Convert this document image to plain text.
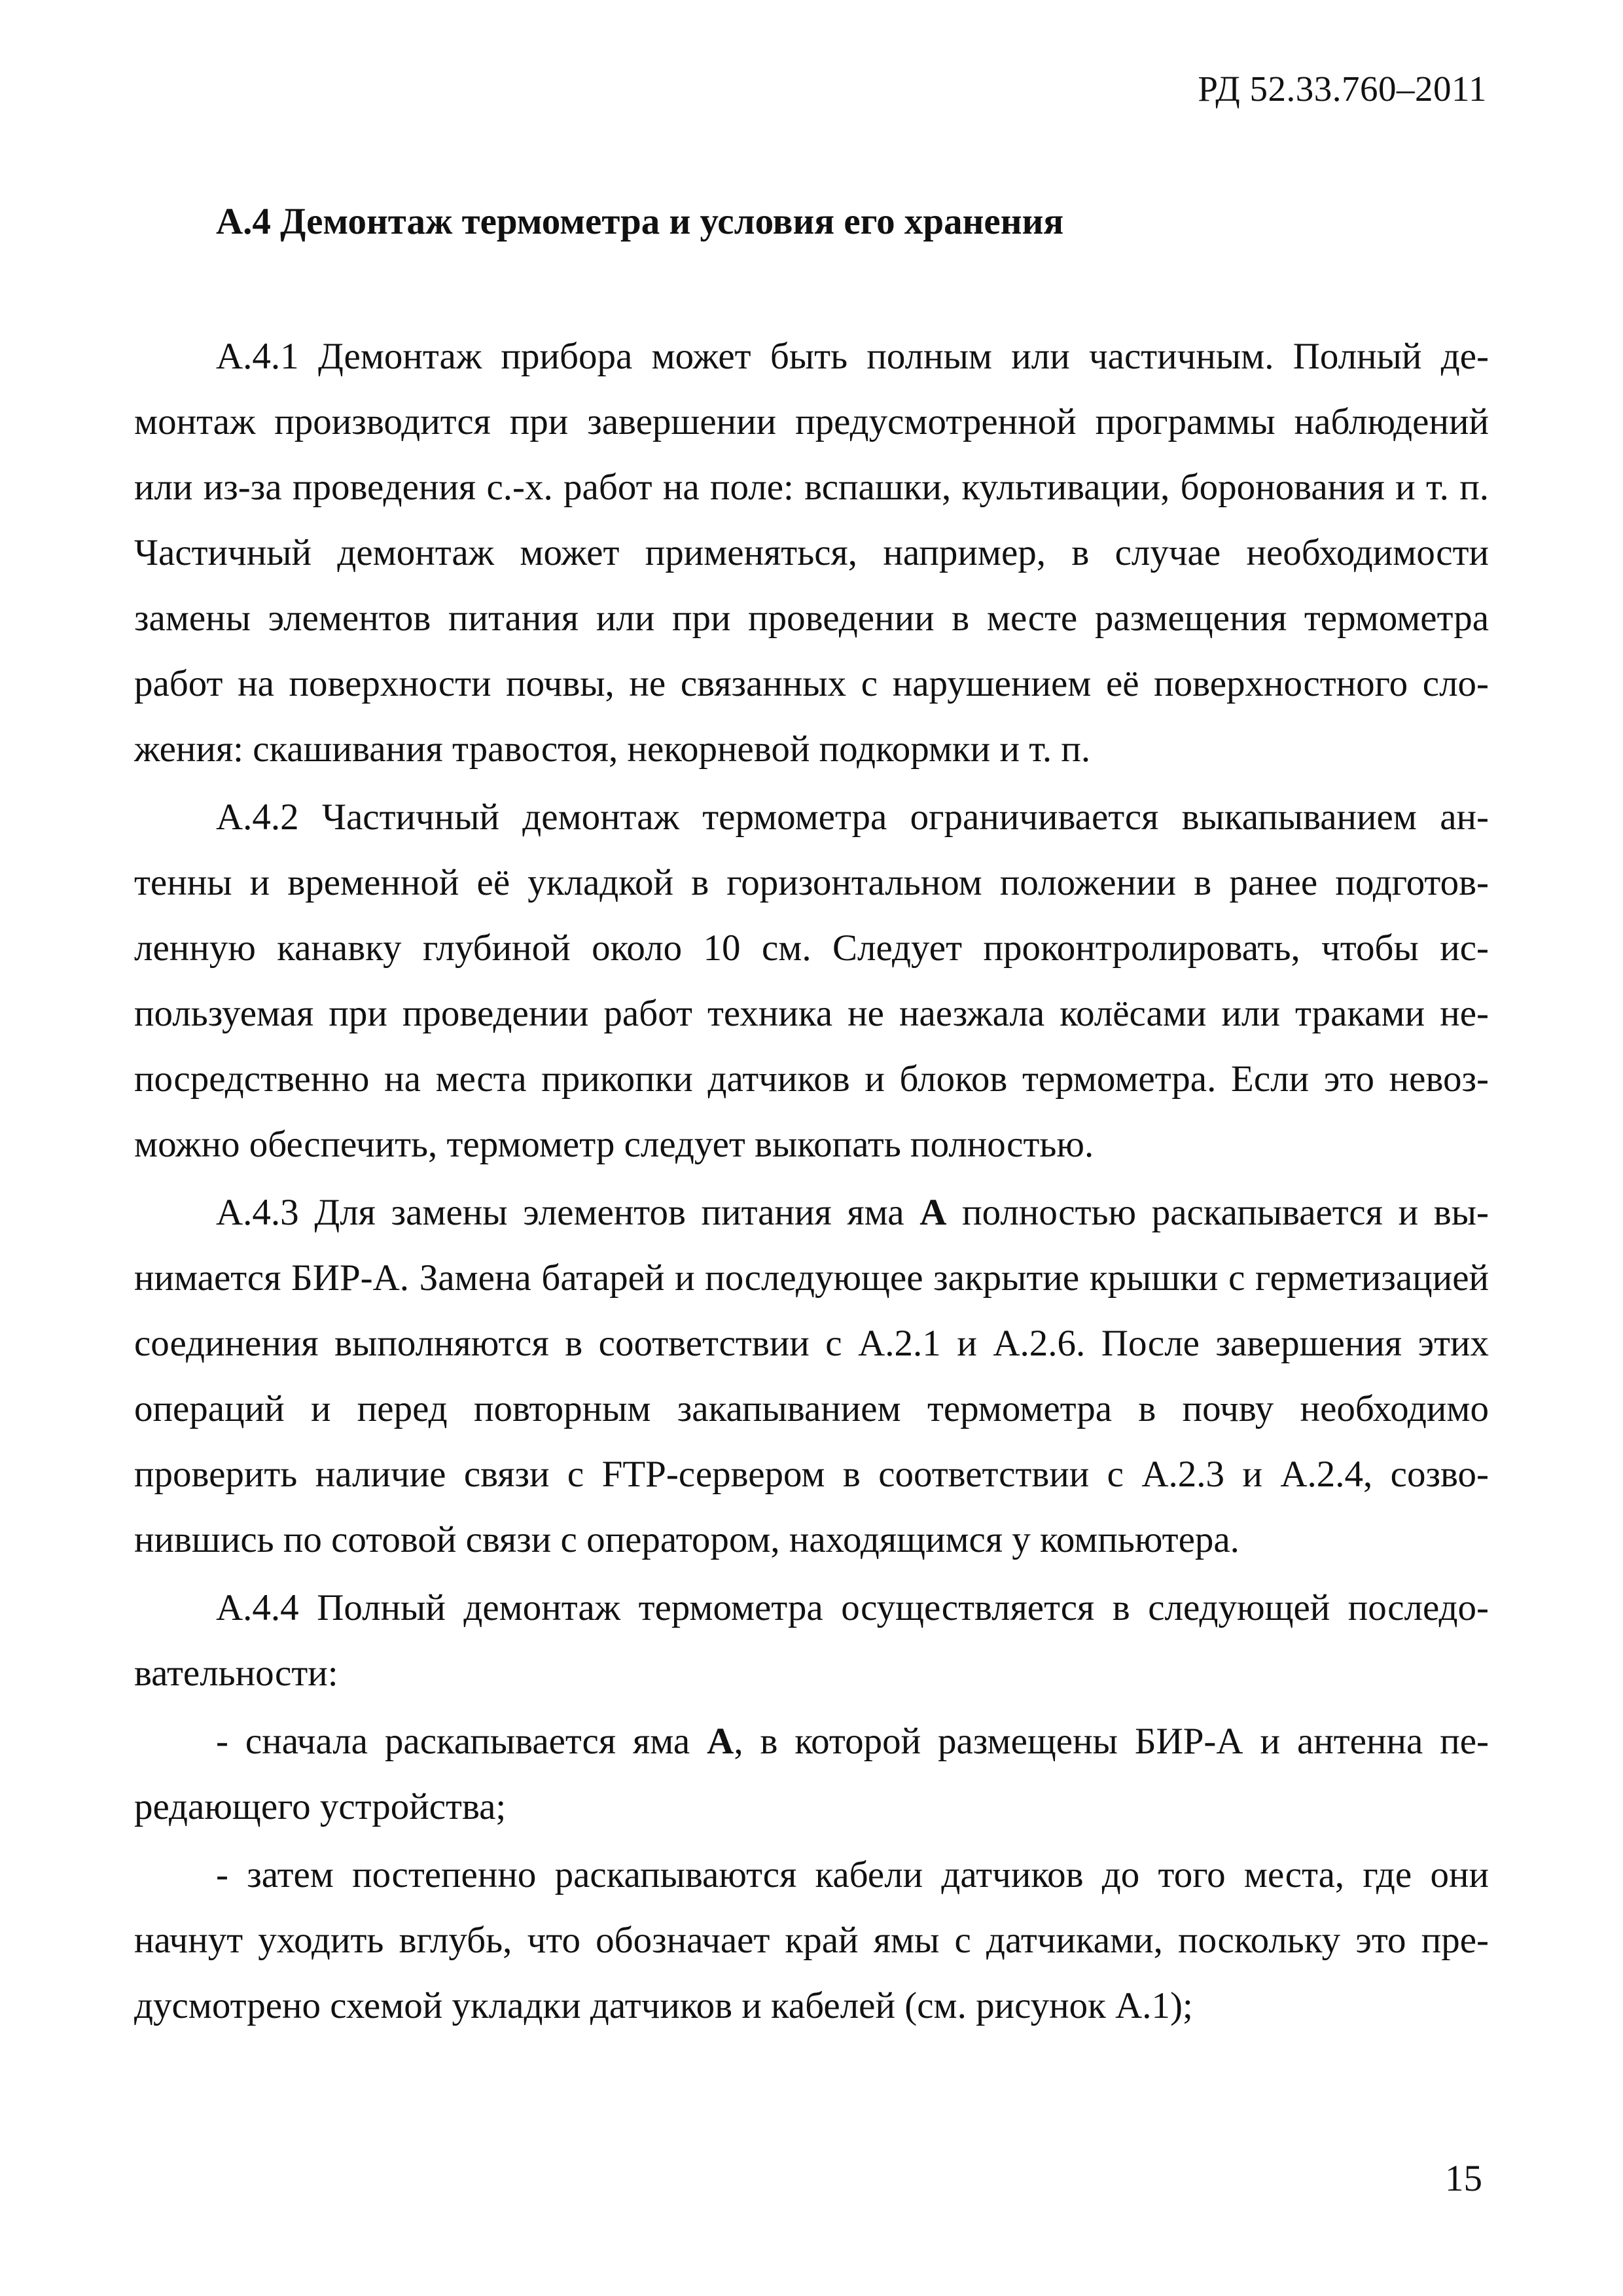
РД 52.33.760–2011
А.4 Демонтаж термометра и условия его хранения

А.4.1 Демонтаж прибора может быть полным или частичным. Полный демонтаж производится при завершении предусмотренной программы наблюдений или из-за проведения с.-х. работ на поле: вспашки, культивации, боронования и т. п. Частичный демонтаж может применяться, например, в случае необходимости замены элементов питания или при проведении в месте размещения термометра работ на поверхности почвы, не связанных с нарушением её поверхностного сложения: скашивания травостоя, некорневой подкормки и т. п.

А.4.2 Частичный демонтаж термометра ограничивается выкапыванием антенны и временной её укладкой в горизонтальном положении в ранее подготовленную канавку глубиной около 10 см. Следует проконтролировать, чтобы используемая при проведении работ техника не наезжала колёсами или траками непосредственно на места прикопки датчиков и блоков термометра. Если это невозможно обеспечить, термометр следует выкопать полностью.

А.4.3 Для замены элементов питания яма А полностью раскапывается и вынимается БИР-А. Замена батарей и последующее закрытие крышки с герметизацией соединения выполняются в соответствии с А.2.1 и А.2.6. После завершения этих операций и перед повторным закапыванием термометра в почву необходимо проверить наличие связи с FTP-сервером в соответствии с А.2.3 и А.2.4, созвонившись по сотовой связи с оператором, находящимся у компьютера.

А.4.4 Полный демонтаж термометра осуществляется в следующей последовательности:

- сначала раскапывается яма А, в которой размещены БИР-А и антенна передающего устройства;

- затем постепенно раскапываются кабели датчиков до того места, где они начнут уходить вглубь, что обозначает край ямы с датчиками, поскольку это предусмотрено схемой укладки датчиков и кабелей (см. рисунок А.1);

15
